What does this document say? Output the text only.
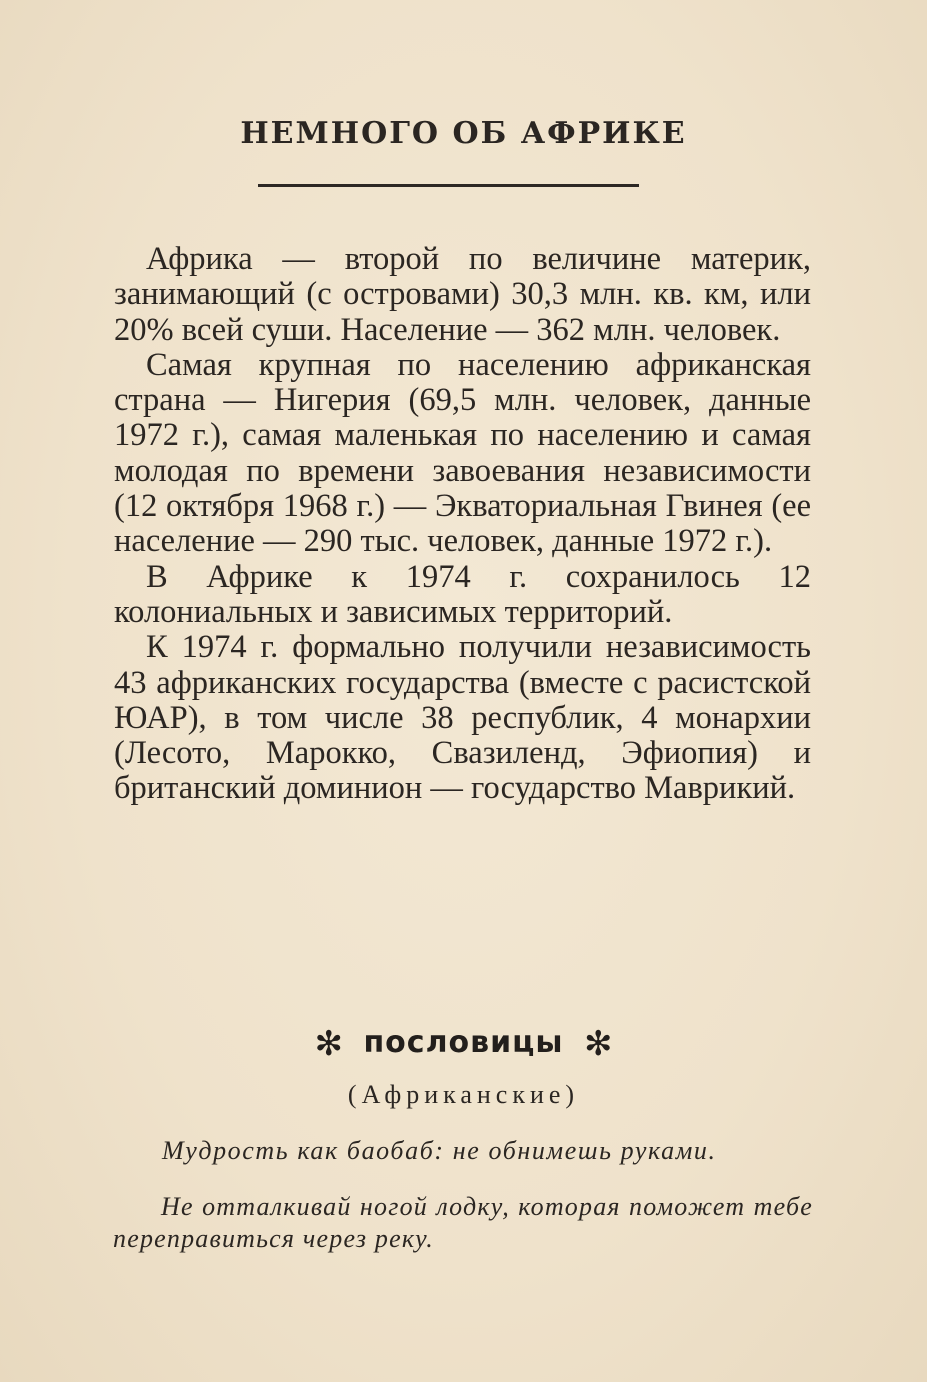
НЕМНОГО ОБ АФРИКЕ

Африка — второй по величине материк, занимающий (с островами) 30,3 млн. кв. км, или 20% всей суши. Население — 362 млн. человек.

Самая крупная по населению африканская страна — Нигерия (69,5 млн. человек, данные 1972 г.), самая маленькая по населению и самая молодая по времени завоевания независимости (12 октября 1968 г.) — Экваториальная Гвинея (ее население — 290 тыс. человек, данные 1972 г.).

В Африке к 1974 г. сохранилось 12 колониальных и зависимых территорий.

К 1974 г. формально получили независимость 43 африканских государства (вместе с расистской ЮАР), в том числе 38 республик, 4 монархии (Лесото, Марокко, Свазиленд, Эфиопия) и британский доминион — государство Маврикий.

✻ пословицы ✻
(Африканские)
Мудрость как баобаб: не обнимешь руками.
Не отталкивай ногой лодку, которая поможет тебе переправиться через реку.
